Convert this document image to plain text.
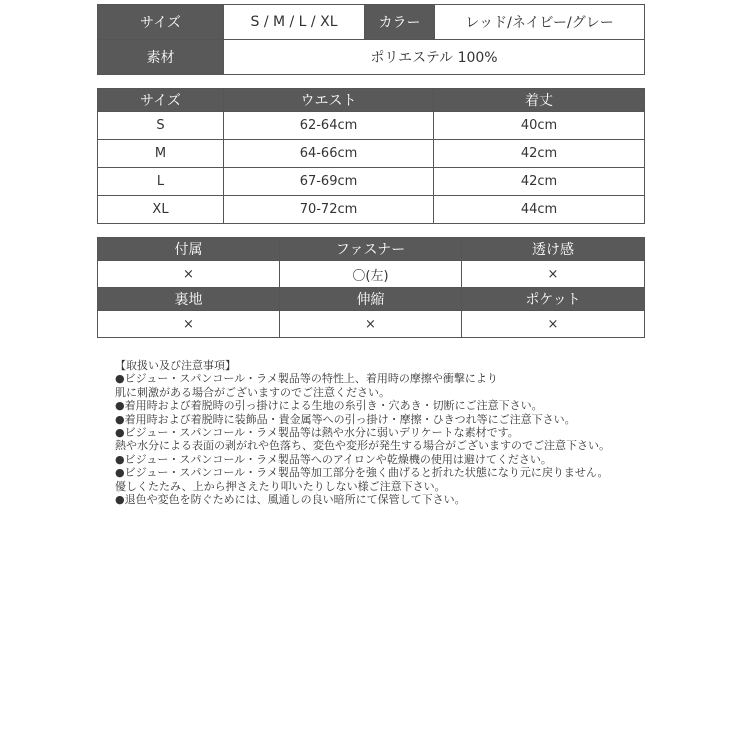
サイズ	S / M / L / XL	カラー	レッド/ネイビー/グレー
素材	ポリエステル 100%		
サイズ	ウエスト	着丈
S	62-64cm	40cm
M	64-66cm	42cm
L	67-69cm	42cm
XL	70-72cm	44cm
付属	ファスナー	透け感
×	〇(左)	×
裏地	伸縮	ポケット
×	×	×
【取扱い及び注意事項】
●ビジュー・スパンコール・ラメ製品等の特性上、着用時の摩擦や衝撃により
肌に刺激がある場合がございますのでご注意ください。
●着用時および着脱時の引っ掛けによる生地の糸引き・穴あき・切断にご注意下さい。
●着用時および着脱時に装飾品・貴金属等への引っ掛け・摩擦・ひきつれ等にご注意下さい。
●ビジュー・スパンコール・ラメ製品等は熱や水分に弱いデリケートな素材です。
熱や水分による表面の剥がれや色落ち、変色や変形が発生する場合がございますのでご注意下さい。
●ビジュー・スパンコール・ラメ製品等へのアイロンや乾燥機の使用は避けてください。
●ビジュー・スパンコール・ラメ製品等加工部分を強く曲げると折れた状態になり元に戻りません。
優しくたたみ、上から押さえたり叩いたりしない様ご注意下さい。
●退色や変色を防ぐためには、風通しの良い暗所にて保管して下さい。
